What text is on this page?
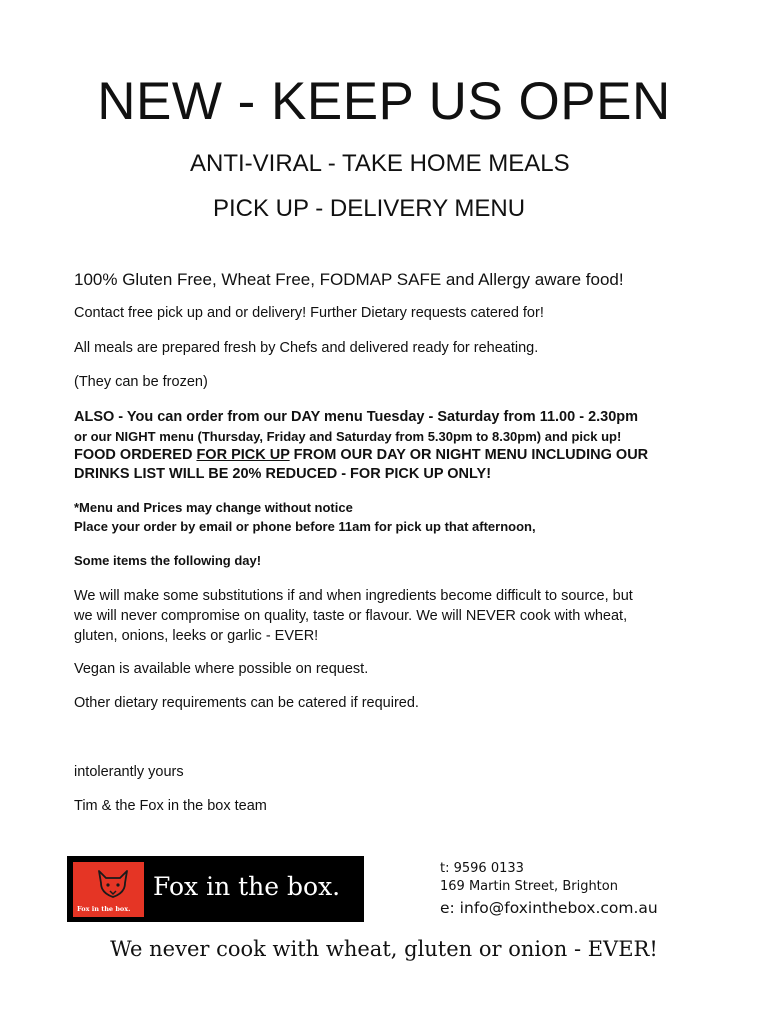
NEW - KEEP US OPEN
ANTI-VIRAL - TAKE HOME MEALS
PICK UP - DELIVERY MENU

100% Gluten Free, Wheat Free, FODMAP SAFE and Allergy aware food!

Contact free pick up and or delivery! Further Dietary requests catered for!

All meals are prepared fresh by Chefs and delivered ready for reheating.

(They can be frozen)

ALSO - You can order from our DAY menu Tuesday - Saturday from 11.00 - 2.30pm

or our NIGHT menu (Thursday, Friday and Saturday from 5.30pm to 8.30pm) and pick up!

FOOD ORDERED FOR PICK UP FROM OUR DAY OR NIGHT MENU INCLUDING OUR

DRINKS LIST WILL BE 20% REDUCED - FOR PICK UP ONLY!

*Menu and Prices may change without notice

Place your order by email or phone before 11am for pick up that afternoon,

Some items the following day!

We will make some substitutions if and when ingredients become difficult to source, but

we will never compromise on quality, taste or flavour. We will NEVER cook with wheat,

gluten, onions, leeks or garlic - EVER!

Vegan is available where possible on request.

Other dietary requirements can be catered if required.

intolerantly yours

Tim & the Fox in the box team

Fox in the box.
Fox in the box.
t: 9596 0133
169 Martin Street, Brighton
e: info@foxinthebox.com.au
We never cook with wheat, gluten or onion - EVER!
